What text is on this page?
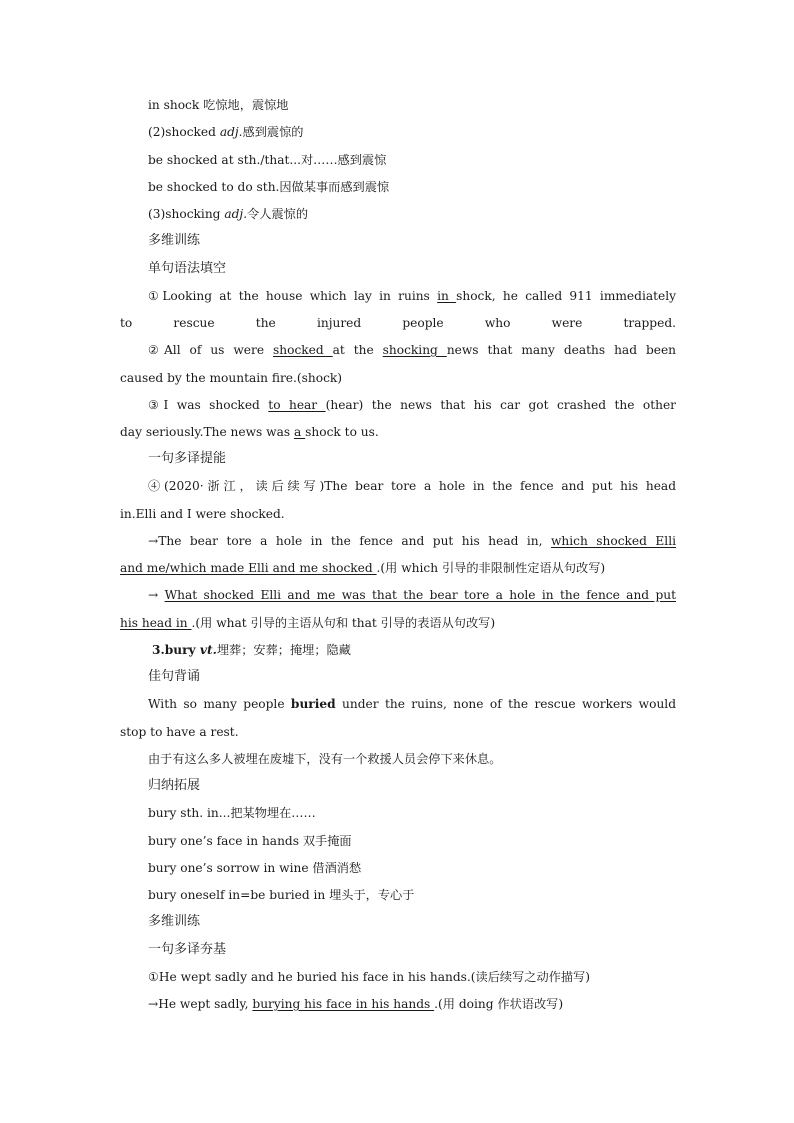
in shock 吃惊地，震惊地
(2)shocked adj.感到震惊的
be shocked at sth./that...对……感到震惊
be shocked to do sth.因做某事而感到震惊
(3)shocking adj.令人震惊的
多维训练
单句语法填空
①Looking at the house which lay in ruins in shock, he called 911 immediately
to rescue the injured people who were trapped.
②All of us were shocked at the shocking news that many deaths had been
caused by the mountain fire.(shock)
③I was shocked to hear (hear) the news that his car got crashed the other
day seriously.The news was a shock to us.
一句多译提能
④(2020·浙江，读后续写)The bear tore a hole in the fence and put his head
in.Elli and I were shocked.
→The bear tore a hole in the fence and put his head in, which shocked Elli
and me/which made Elli and me shocked .(用 which 引导的非限制性定语从句改写)
→ What shocked Elli and me was that the bear tore a hole in the fence and put
his head in .(用 what 引导的主语从句和 that 引导的表语从句改写)
3.bury vt.埋葬；安葬；掩埋；隐藏
佳句背诵
With so many people buried under the ruins, none of the rescue workers would
stop to have a rest.
由于有这么多人被埋在废墟下，没有一个救援人员会停下来休息。
归纳拓展
bury sth. in...把某物埋在……
bury one’s face in hands 双手掩面
bury one’s sorrow in wine 借酒消愁
bury oneself in=be buried in 埋头于，专心于
多维训练
一句多译夯基
①He wept sadly and he buried his face in his hands.(读后续写之动作描写)
→He wept sadly, burying his face in his hands .(用 doing 作状语改写)
